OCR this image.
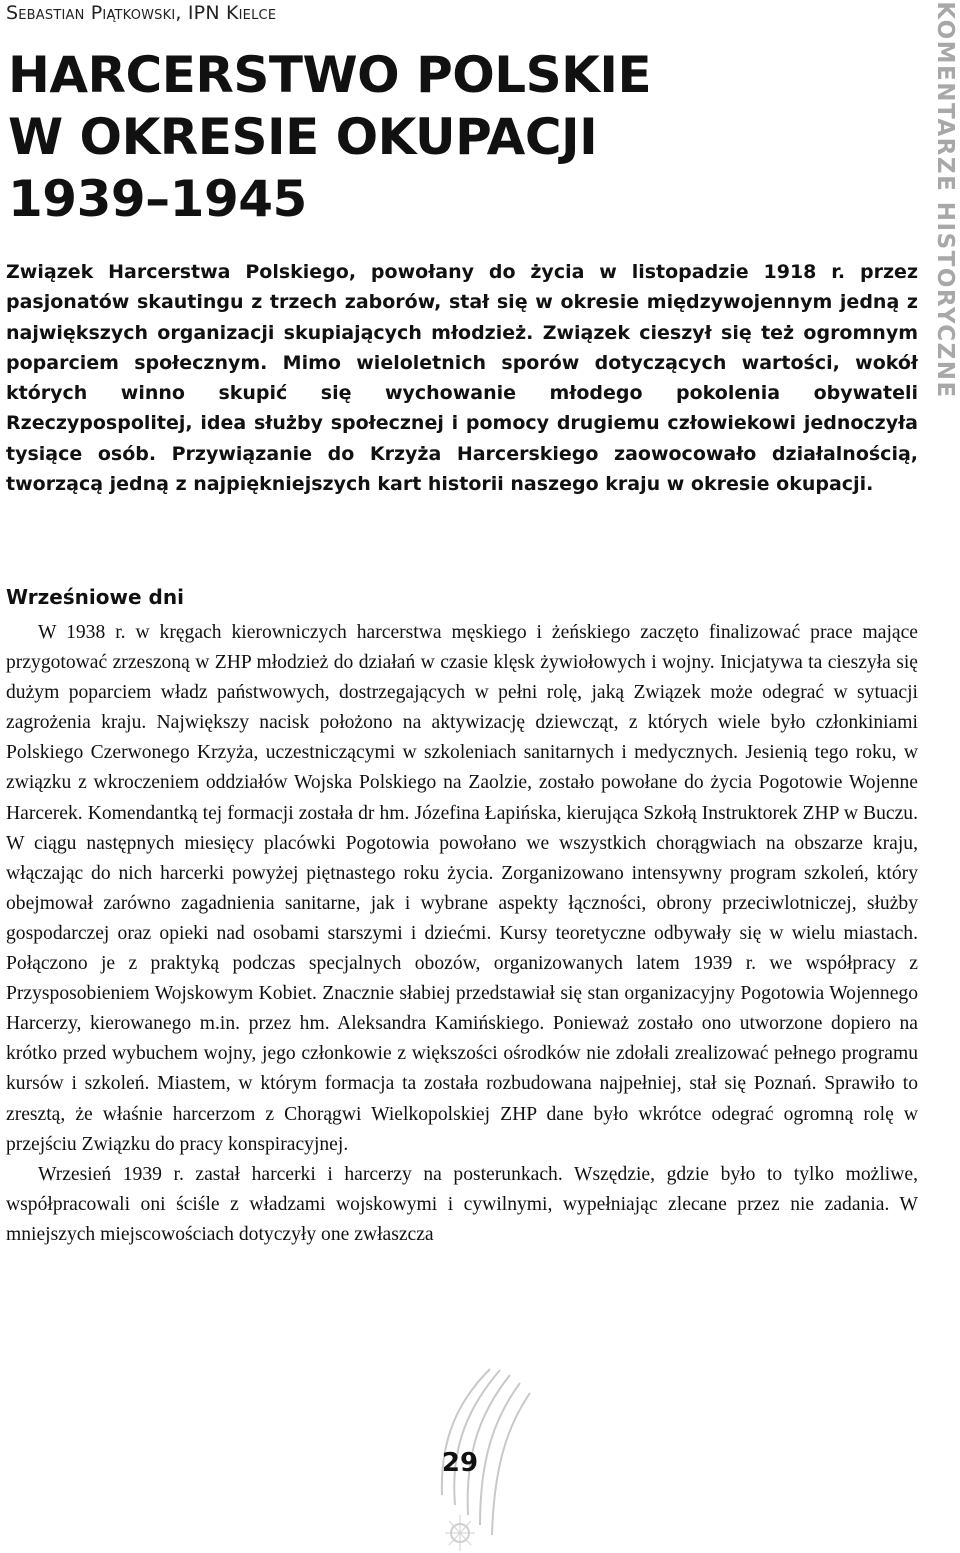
Sebastian Piątkowski, IPN Kielce
HARCERSTWO POLSKIE
W OKRESIE OKUPACJI
1939–1945	KOMENTARZE HISTORYCZNE
Związek Harcerstwa Polskiego, powołany do życia w listopadzie 1918 r. przez pasjonatów skautingu z trzech zaborów, stał się w okresie międzywojennym jedną z największych organizacji skupiających młodzież. Związek cieszył się też ogromnym poparciem społecznym. Mimo wieloletnich sporów dotyczących wartości, wokół których winno skupić się wychowanie młodego pokolenia obywateli Rzeczypospolitej, idea służby społecznej i pomocy drugiemu człowiekowi jednoczyła tysiące osób. Przywiązanie do Krzyża Harcerskiego zaowocowało działalnością, tworzącą jedną z najpiękniejszych kart historii naszego kraju w okresie okupacji.
Wrześniowe dni

W 1938 r. w kręgach kierowniczych harcerstwa męskiego i żeńskiego zaczęto finalizować prace mające przygotować zrzeszoną w ZHP młodzież do działań w czasie klęsk żywiołowych i wojny. Inicjatywa ta cieszyła się dużym poparciem władz państwowych, dostrzegających w pełni rolę, jaką Związek może odegrać w sytuacji zagrożenia kraju. Największy nacisk położono na aktywizację dziewcząt, z których wiele było członkiniami Polskiego Czerwonego Krzyża, uczestniczącymi w szkoleniach sanitarnych i medycznych. Jesienią tego roku, w związku z wkroczeniem oddziałów Wojska Polskiego na Zaolzie, zostało powołane do życia Pogotowie Wojenne Harcerek. Komendantką tej formacji została dr hm. Józefina Łapińska, kierująca Szkołą Instruktorek ZHP w Buczu. W ciągu następnych miesięcy placówki Pogotowia powołano we wszystkich chorągwiach na obszarze kraju, włączając do nich harcerki powyżej piętnastego roku życia. Zorganizowano intensywny program szkoleń, który obejmował zarówno zagadnienia sanitarne, jak i wybrane aspekty łączności, obrony przeciwlotniczej, służby gospodarczej oraz opieki nad osobami starszymi i dziećmi. Kursy teoretyczne odbywały się w wielu miastach. Połączono je z praktyką podczas specjalnych obozów, organizowanych latem 1939 r. we współpracy z Przysposobieniem Wojskowym Kobiet. Znacznie słabiej przedstawiał się stan organizacyjny Pogotowia Wojennego Harcerzy, kierowanego m.in. przez hm. Aleksandra Kamińskiego. Ponieważ zostało ono utworzone dopiero na krótko przed wybuchem wojny, jego członkowie z większości ośrodków nie zdołali zrealizować pełnego programu kursów i szkoleń. Miastem, w którym formacja ta została rozbudowana najpełniej, stał się Poznań. Sprawiło to zresztą, że właśnie harcerzom z Chorągwi Wielkopolskiej ZHP dane było wkrótce odegrać ogromną rolę w przejściu Związku do pracy konspiracyjnej.

Wrzesień 1939 r. zastał harcerki i harcerzy na posterunkach. Wszędzie, gdzie było to tylko możliwe, współpracowali oni ściśle z władzami wojskowymi i cywilnymi, wypełniając zlecane przez nie zadania. W mniejszych miejscowościach dotyczyły one zwłaszcza

29
